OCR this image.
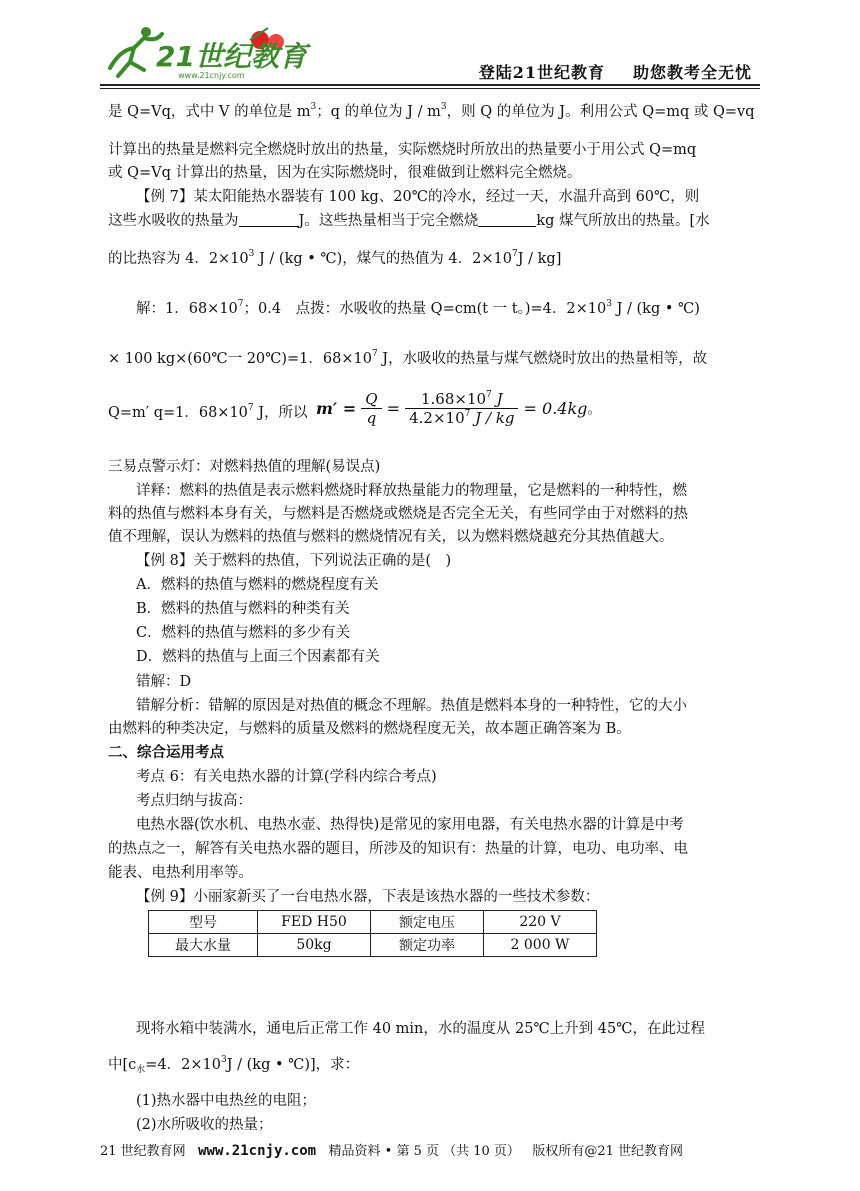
21世纪教育
www.21cnjy.com	登陆21世纪教育 助您教考全无忧
是 Q=Vq，式中 V 的单位是 $m^3$；q 的单位为 J / $m^3$，则 Q 的单位为 J。利用公式 Q=mq 或 Q=vq
计算出的热量是燃料完全燃烧时放出的热量，实际燃烧时所放出的热量要小于用公式 Q=mq
或 Q=Vq 计算出的热量，因为在实际燃烧时，很难做到让燃料完全燃烧。
【例 7】某太阳能热水器装有 100 kg、20℃的冷水，经过一天，水温升高到 60℃，则
这些水吸收的热量为	J。这些热量相当于完全燃烧	kg 煤气所放出的热量。[水
的比热容为 4．$2\times 10^3$ J / (kg • ℃)，煤气的热值为 4．$2\times 10^7J / kg$]
解：1．$68\times 10^7$；0.4　点拨：水吸收的热量 Q=cm(t 一 t。)=4．$2\times 10^3$ J / (kg • ℃)
× 100 kg×(60℃一 20℃)=1．$68\times 10^7$ J，水吸收的热量与煤气燃烧时放出的热量相等，故
Q=m′ q=1．$68\times 10^7$ J，所以 $m' = \frac{Q}{q} = \frac{1.68\times 10^7 J}{4.2\times 10^7 J / kg} = 0.4kg$。
三易点警示灯：对燃料热值的理解(易误点)
详释：燃料的热值是表示燃料燃烧时释放热量能力的物理量，它是燃料的一种特性，燃
料的热值与燃料本身有关，与燃料是否燃烧或燃烧是否完全无关，有些同学由于对燃料的热
值不理解，误认为燃料的热值与燃料的燃烧情况有关，以为燃料燃烧越充分其热值越大。
【例 8】关于燃料的热值，下列说法正确的是(　)
A．燃料的热值与燃料的燃烧程度有关
B．燃料的热值与燃料的种类有关
C．燃料的热值与燃料的多少有关
D．燃料的热值与上面三个因素都有关
错解：D
错解分析：错解的原因是对热值的概念不理解。热值是燃料本身的一种特性，它的大小
由燃料的种类决定，与燃料的质量及燃料的燃烧程度无关，故本题正确答案为 B。
二、综合运用考点
考点 6：有关电热水器的计算(学科内综合考点)
考点归纳与拔高：
电热水器(饮水机、电热水壶、热得快)是常见的家用电器，有关电热水器的计算是中考
的热点之一，解答有关电热水器的题目，所涉及的知识有：热量的计算，电功、电功率、电
能表、电热利用率等。
【例 9】小丽家新买了一台电热水器，下表是该热水器的一些技术参数：
型号	FED H50	额定电压	220 V
最大水量	50kg	额定功率	2 000 W
现将水箱中装满水，通电后正常工作 40 min，水的温度从 25℃上升到 45℃，在此过程
中[$c_水=4$．$2\times 10^3J / (kg$ • ℃)]，求：
(1)热水器中电热丝的电阻；
(2)水所吸收的热量；
21 世纪教育网 www.21cnjy.com 精品资料 • 第 5 页 （共 10 页） 版权所有@21 世纪教育网
